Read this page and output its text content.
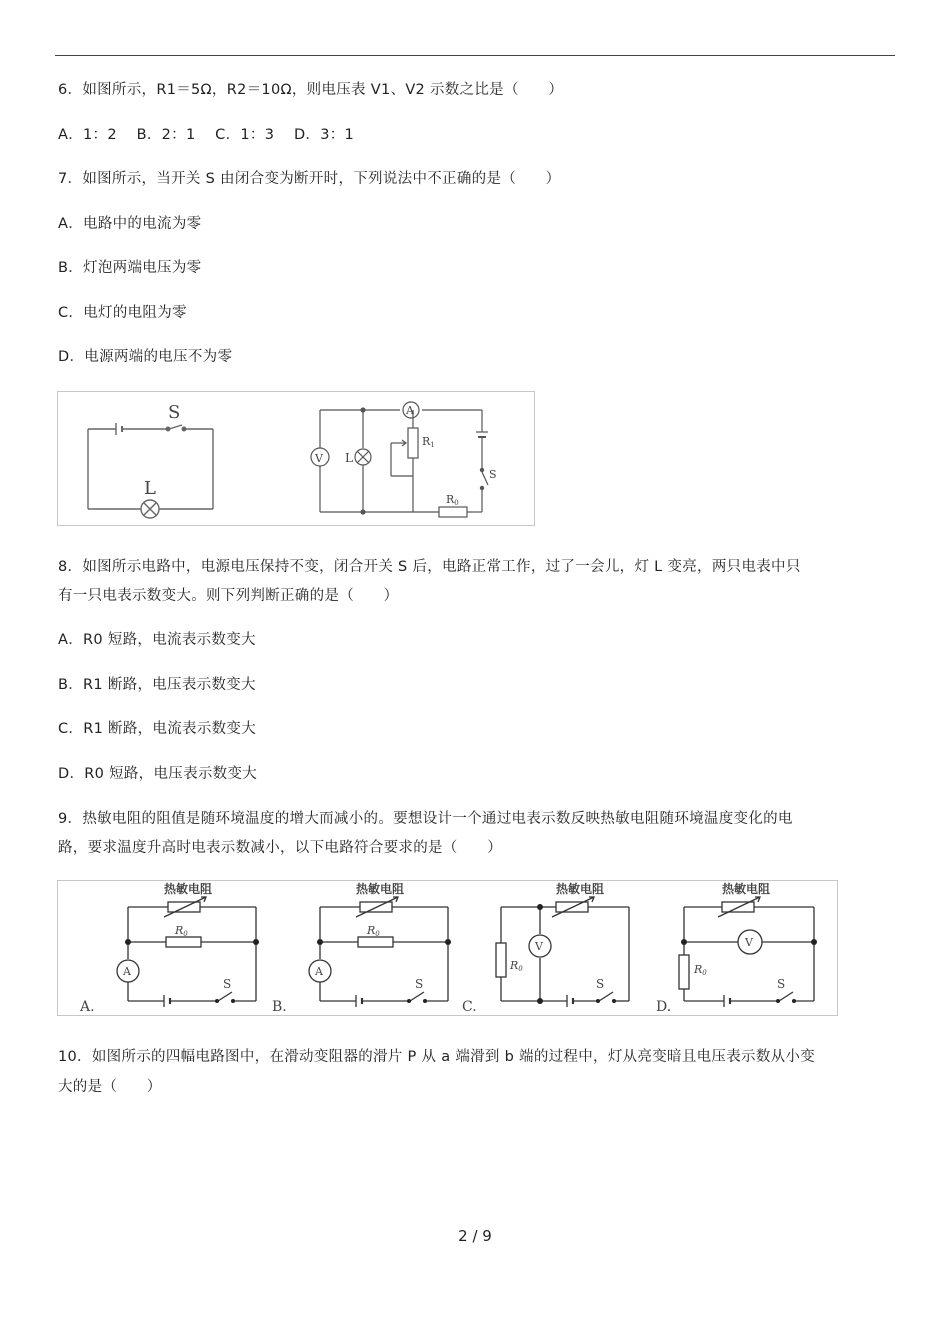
6．如图所示，R1＝5Ω，R2＝10Ω，则电压表 V1、V2 示数之比是（　　）
A．1：2　 B．2：1　 C．1：3　 D．3：1
7．如图所示，当开关 S 由闭合变为断开时，下列说法中不正确的是（　　）
A．电路中的电流为零
B．灯泡两端电压为零
C．电灯的电阻为零
D．电源两端的电压不为零
S
L
V
A
L
R1
R0
S
8．如图所示电路中，电源电压保持不变，闭合开关 S 后，电路正常工作，过了一会儿，灯 L 变亮，两只电表中只
有一只电表示数变大。则下列判断正确的是（　　）
A．R0 短路，电流表示数变大
B．R1 断路，电压表示数变大
C．R1 断路，电流表示数变大
D．R0 短路，电压表示数变大
9．热敏电阻的阻值是随环境温度的增大而减小的。要想设计一个通过电表示数反映热敏电阻随环境温度变化的电
路，要求温度升高时电表示数减小，以下电路符合要求的是（　　）
热敏电阻
R0
A
S
A.
热敏电阻
R0
A
S
B.
热敏电阻
R0
V
S
C.
热敏电阻
R0
V
S
D.
10．如图所示的四幅电路图中，在滑动变阻器的滑片 P 从 a 端滑到 b 端的过程中，灯从亮变暗且电压表示数从小变
大的是（　　）
2 / 9
